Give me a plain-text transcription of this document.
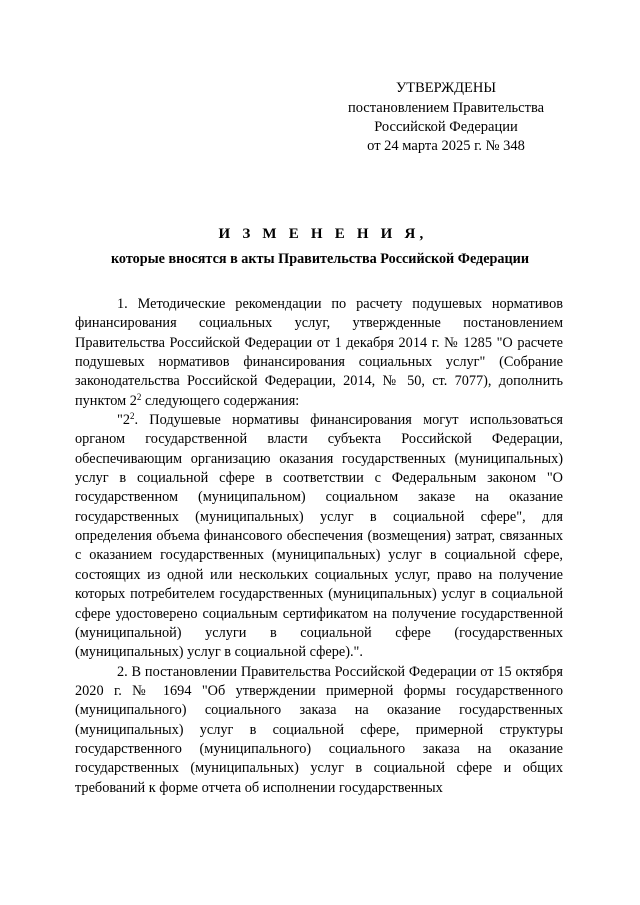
УТВЕРЖДЕНЫ
постановлением Правительства
Российской Федерации
от 24 марта 2025 г. № 348
И З М Е Н Е Н И Я,
которые вносятся в акты Правительства Российской Федерации

1. Методические рекомендации по расчету подушевых нормативов финансирования социальных услуг, утвержденные постановлением Правительства Российской Федерации от 1 декабря 2014 г. № 1285 "О расчете подушевых нормативов финансирования социальных услуг" (Собрание законодательства Российской Федерации, 2014, № 50, ст. 7077), дополнить пунктом $2^2$ следующего содержания:

"$2^2$. Подушевые нормативы финансирования могут использоваться органом государственной власти субъекта Российской Федерации, обеспечивающим организацию оказания государственных (муниципальных) услуг в социальной сфере в соответствии с Федеральным законом "О государственном (муниципальном) социальном заказе на оказание государственных (муниципальных) услуг в социальной сфере", для определения объема финансового обеспечения (возмещения) затрат, связанных с оказанием государственных (муниципальных) услуг в социальной сфере, состоящих из одной или нескольких социальных услуг, право на получение которых потребителем государственных (муниципальных) услуг в социальной сфере удостоверено социальным сертификатом на получение государственной (муниципальной) услуги в социальной сфере (государственных (муниципальных) услуг в социальной сфере).".

2. В постановлении Правительства Российской Федерации от 15 октября 2020 г. № 1694 "Об утверждении примерной формы государственного (муниципального) социального заказа на оказание государственных (муниципальных) услуг в социальной сфере, примерной структуры государственного (муниципального) социального заказа на оказание государственных (муниципальных) услуг в социальной сфере и общих требований к форме отчета об исполнении государственных
